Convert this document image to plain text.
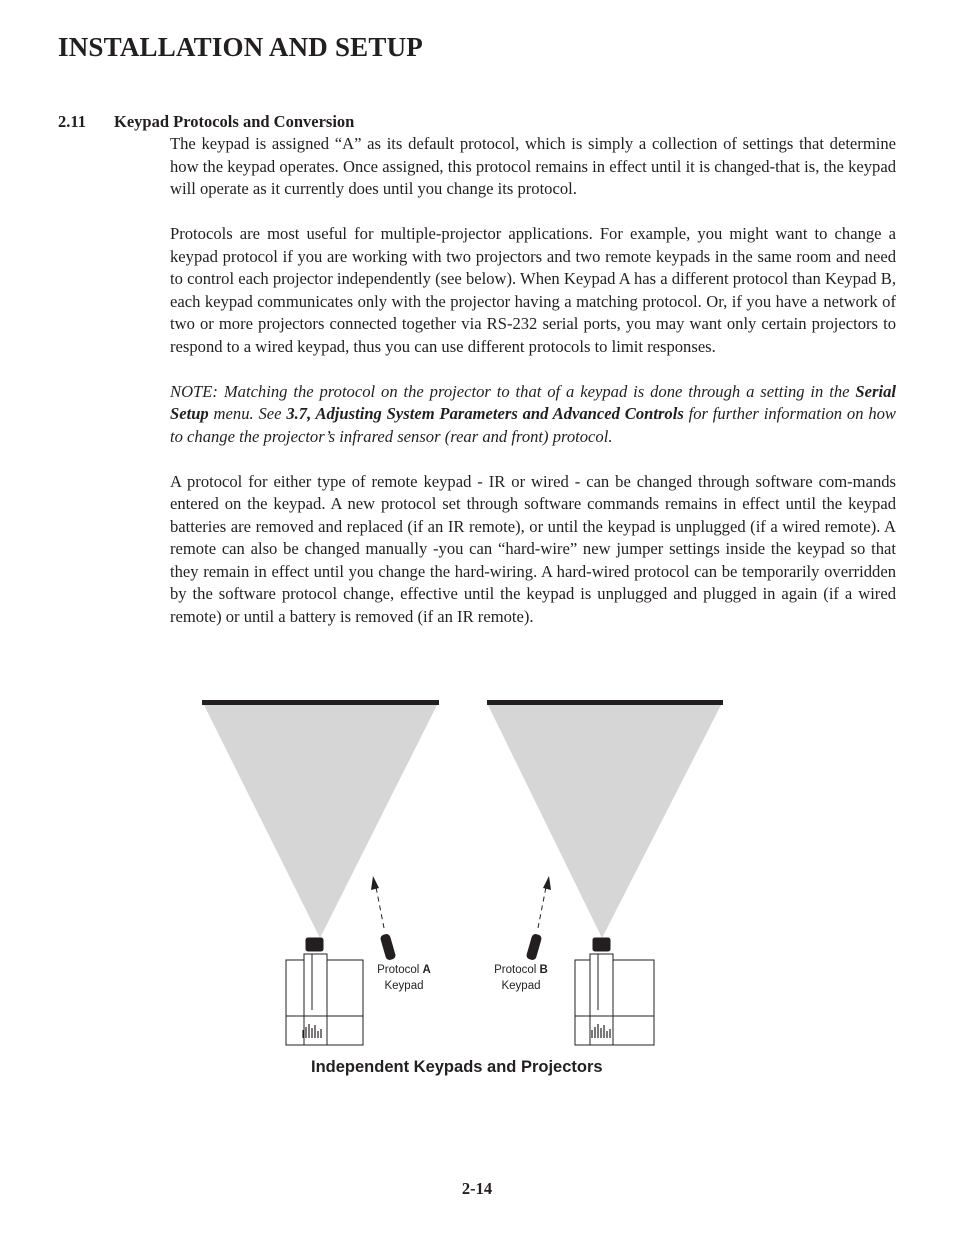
INSTALLATION AND SETUP
2.11 Keypad Protocols and Conversion

The keypad is assigned “A” as its default protocol, which is simply a collection of settings that determine how the keypad operates. Once assigned, this protocol remains in effect until it is changed-that is, the keypad will operate as it currently does until you change its protocol.

Protocols are most useful for multiple-projector applications. For example, you might want to change a keypad protocol if you are working with two projectors and two remote keypads in the same room and need to control each projector independently (see below). When Keypad A has a different protocol than Keypad B, each keypad communicates only with the projector having a matching protocol. Or, if you have a network of two or more projectors connected together via RS-232 serial ports, you may want only certain projectors to respond to a wired keypad, thus you can use different protocols to limit responses.

NOTE: Matching the protocol on the projector to that of a keypad is done through a setting in the Serial Setup menu. See 3.7, Adjusting System Parameters and Advanced Controls for further information on how to change the projector’s infrared sensor (rear and front) protocol.

A protocol for either type of remote keypad - IR or wired - can be changed through software com-mands entered on the keypad. A new protocol set through software commands remains in effect until the keypad batteries are removed and replaced (if an IR remote), or until the keypad is unplugged (if a wired remote). A remote can also be changed manually -you can “hard-wire” new jumper settings inside the keypad so that they remain in effect until you change the hard-wiring. A hard-wired protocol can be temporarily overridden by the software protocol change, effective until the keypad is unplugged and plugged in again (if a wired remote) or until a battery is removed (if an IR remote).

Protocol A
Keypad
Protocol B
Keypad

Independent Keypads and Projectors

2-14
